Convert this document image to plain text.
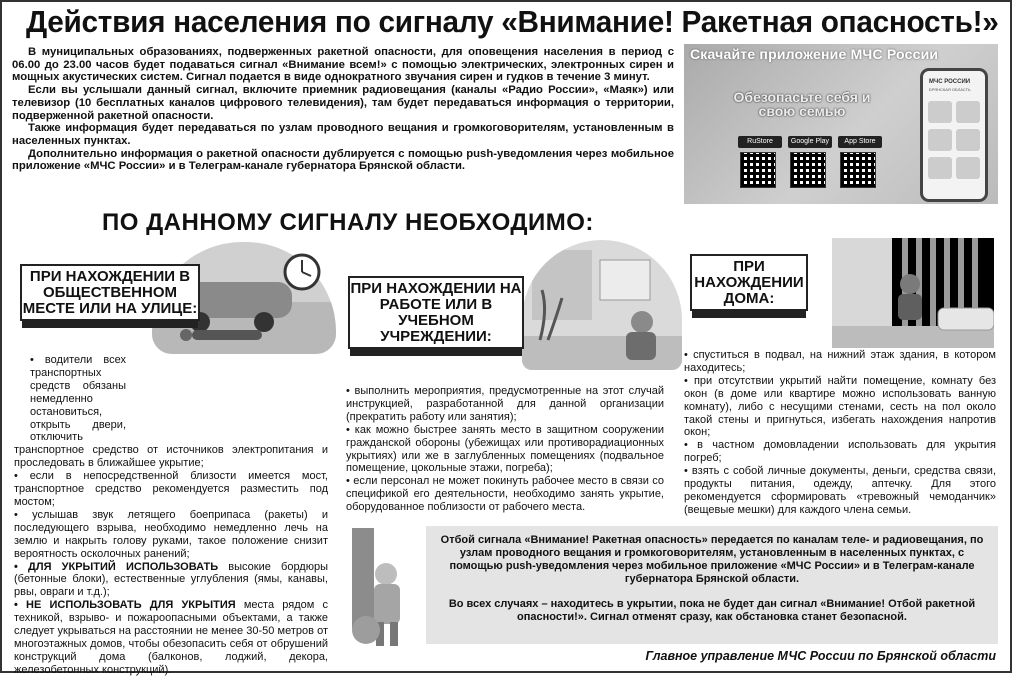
Действия населения по сигналу «Внимание! Ракетная опасность!»

В муниципальных образованиях, подверженных ракетной опасности, для оповещения населения в период с 06.00 до 23.00 часов будет подаваться сигнал «Внимание всем!» с помощью электрических, электронных сирен и мощных акустических систем. Сигнал подается в виде однократного звучания сирен и гудков в течение 3 минут.

Если вы услышали данный сигнал, включите приемник радиовещания (каналы «Радио России», «Маяк») или телевизор (10 бесплатных каналов цифрового телевидения), там будет передаваться информация о территории, подверженной ракетной опасности.

Также информация будет передаваться по узлам проводного вещания и громкоговорителям, установленным в населенных пунктах.

Дополнительно информация о ракетной опасности дублируется с помощью push-уведомления через мобильное приложение «МЧС России» и в Телеграм-канале губернатора Брянской области.

Скачайте приложение МЧС России
Обезопасьте себя и свою семью
RuStore	Google Play	App Store
МЧС РОССИИ
БРЯНСКАЯ ОБЛАСТЬ
ПО ДАННОМУ СИГНАЛУ НЕОБХОДИМО:
ПРИ НАХОЖДЕНИИ В ОБЩЕСТВЕННОМ МЕСТЕ ИЛИ НА УЛИЦЕ:
ПРИ НАХОЖДЕНИИ НА РАБОТЕ ИЛИ В УЧЕБНОМ УЧРЕЖДЕНИИ:
ПРИ НАХОЖДЕНИИ ДОМА:

• водители всех транспортных средств обязаны немедленно остановиться, открыть двери, отключить

транспортное средство от источников электропитания и проследовать в ближайшее укрытие;

• если в непосредственной близости имеется мост, транспортное средство рекомендуется разместить под мостом;

• услышав звук летящего боеприпаса (ракеты) и последующего взрыва, необходимо немедленно лечь на землю и накрыть голову руками, такое положение снизит вероятность осколочных ранений;

• ДЛЯ УКРЫТИЙ ИСПОЛЬЗОВАТЬ высокие бордюры (бетонные блоки), естественные углубления (ямы, канавы, рвы, овраги и т.д.);

• НЕ ИСПОЛЬЗОВАТЬ ДЛЯ УКРЫТИЯ места рядом с техникой, взрыво- и пожароопасными объектами, а также следует укрываться на расстоянии не менее 30-50 метров от многоэтажных домов, чтобы обезопасить себя от обрушений конструкций дома (балконов, лоджий, декора, железобетонных конструкций).

• выполнить мероприятия, предусмотренные на этот случай инструкцией, разработанной для данной организации (прекратить работу или занятия);

• как можно быстрее занять место в защитном сооружении гражданской обороны (убежищах или противорадиационных укрытиях) или же в заглубленных помещениях (подвальное помещение, цокольные этажи, погреба);

• если персонал не может покинуть рабочее место в связи со спецификой его деятельности, необходимо занять укрытие, оборудованное поблизости от рабочего места.

• спуститься в подвал, на нижний этаж здания, в котором находитесь;

• при отсутствии укрытий найти помещение, комнату без окон (в доме или квартире можно использовать ванную комнату), либо с несущими стенами, сесть на пол около такой стены и пригнуться, избегать нахождения напротив окон;

• в частном домовладении использовать для укрытия погреб;

• взять с собой личные документы, деньги, средства связи, продукты питания, одежду, аптечку. Для этого рекомендуется сформировать «тревожный чемоданчик» (вещевые мешки) для каждого члена семьи.

Отбой сигнала «Внимание! Ракетная опасность» передается по каналам теле- и радиовещания, по узлам проводного вещания и громкоговорителям, установленным в населенных пунктах, с помощью push-уведомления через мобильное приложение «МЧС России» и в Телеграм-канале губернатора Брянской области.

Во всех случаях – находитесь в укрытии, пока не будет дан сигнал «Внимание! Отбой ракетной опасности!». Сигнал отменят сразу, как обстановка станет безопасной.

Главное управление МЧС России по Брянской области
